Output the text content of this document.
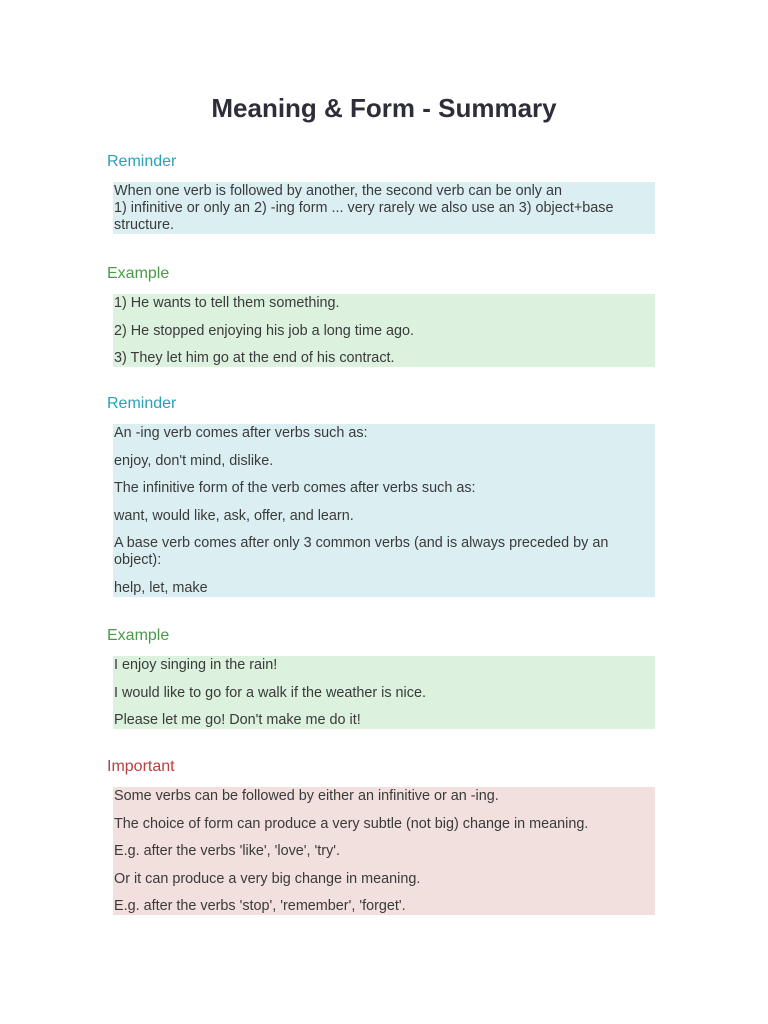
Meaning & Form - Summary
Reminder

When one verb is followed by another, the second verb can be only an

1) infinitive or only an 2) -ing form ... very rarely we also use an 3) object+base structure.

Example

1) He wants to tell them something.

2) He stopped enjoying his job a long time ago.

3) They let him go at the end of his contract.

Reminder

An -ing verb comes after verbs such as:

enjoy, don't mind, dislike.

The infinitive form of the verb comes after verbs such as:

want, would like, ask, offer, and learn.

A base verb comes after only 3 common verbs (and is always preceded by an object):

help, let, make

Example

I enjoy singing in the rain!

I would like to go for a walk if the weather is nice.

Please let me go! Don't make me do it!

Important

Some verbs can be followed by either an infinitive or an -ing.

The choice of form can produce a very subtle (not big) change in meaning.

E.g. after the verbs 'like', 'love', 'try'.

Or it can produce a very big change in meaning.

E.g. after the verbs 'stop', 'remember', 'forget'.
